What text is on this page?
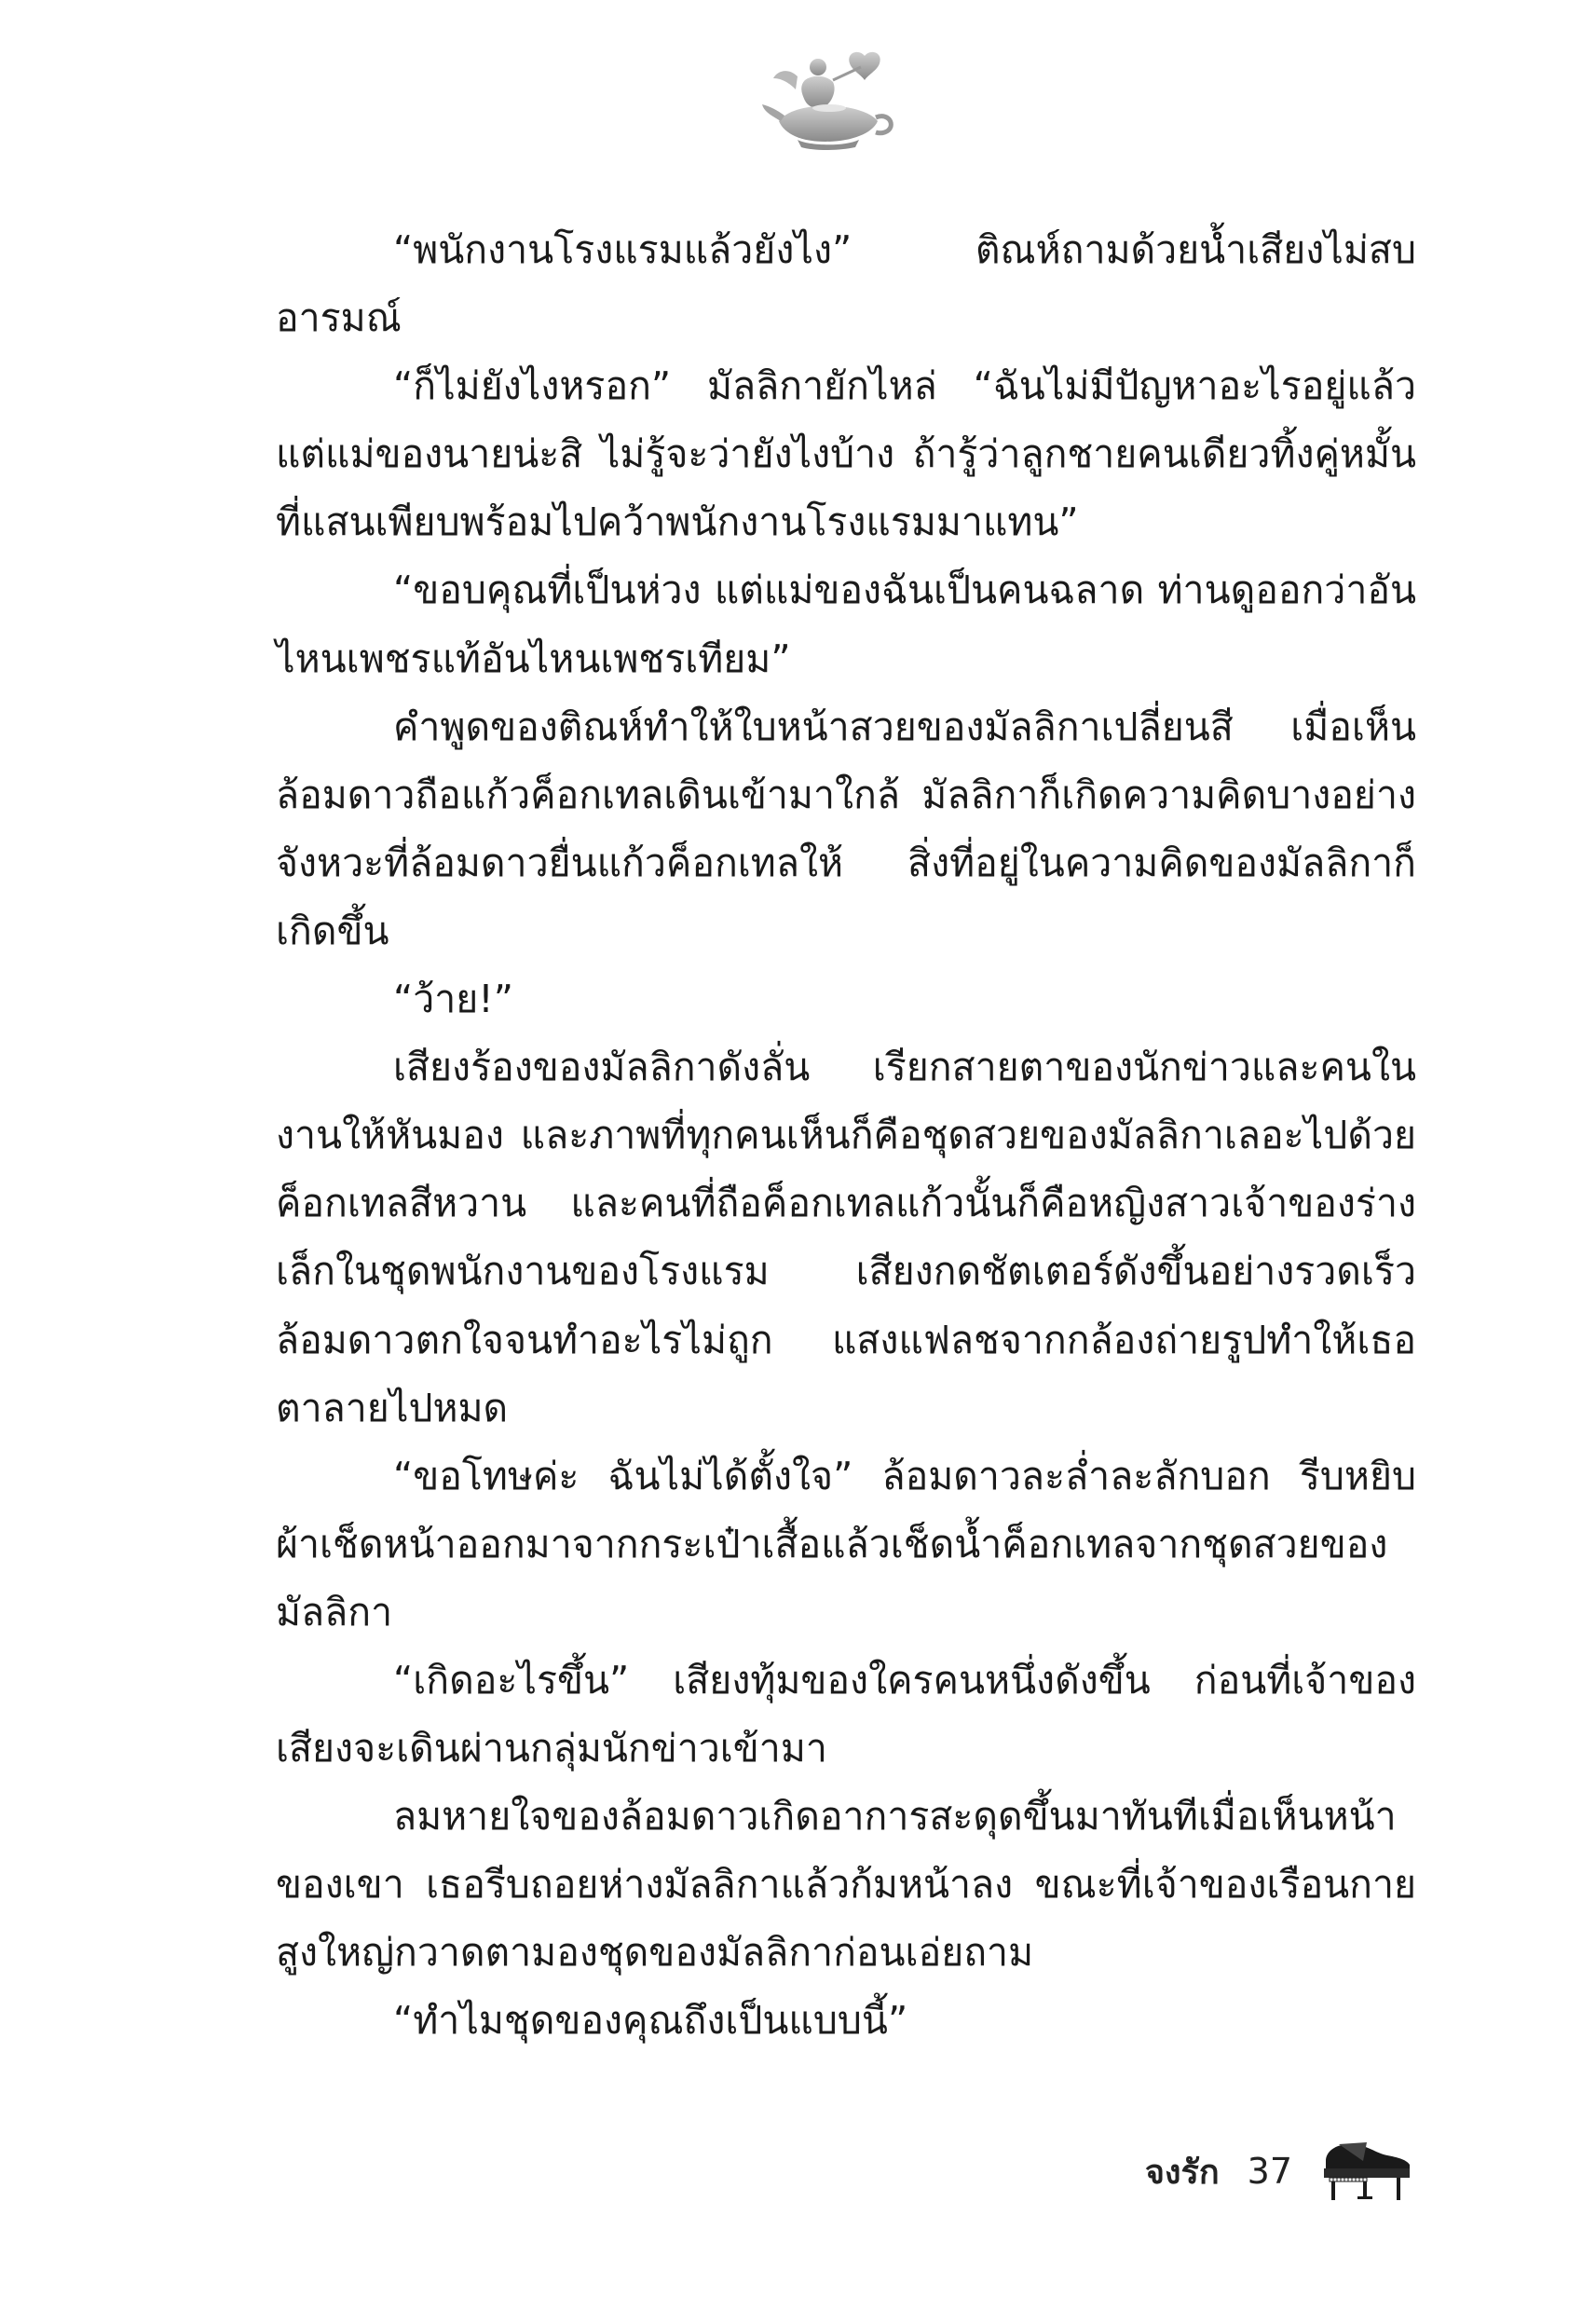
“พนักงานโรงแรมแล้วยังไง” ติณห์ถามด้วยน้ำเสียงไม่สบอารมณ์

“ก็ไม่ยังไงหรอก” มัลลิกายักไหล่ “ฉันไม่มีปัญหาอะไรอยู่แล้ว แต่แม่ของนายน่ะสิ ไม่รู้จะว่ายังไงบ้าง ถ้ารู้ว่าลูกชายคนเดียวทิ้งคู่หมั้นที่แสนเพียบพร้อมไปคว้าพนักงานโรงแรมมาแทน”

“ขอบคุณที่เป็นห่วง แต่แม่ของฉันเป็นคนฉลาด ท่านดูออกว่าอันไหนเพชรแท้อันไหนเพชรเทียม”

คำพูดของติณห์ทำให้ใบหน้าสวยของมัลลิกาเปลี่ยนสี เมื่อเห็นล้อมดาวถือแก้วค็อกเทลเดินเข้ามาใกล้ มัลลิกาก็เกิดความคิดบางอย่าง จังหวะที่ล้อมดาวยื่นแก้วค็อกเทลให้ สิ่งที่อยู่ในความคิดของมัลลิกาก็เกิดขึ้น

“ว้าย!”

เสียงร้องของมัลลิกาดังลั่น เรียกสายตาของนักข่าวและคนในงานให้หันมอง และภาพที่ทุกคนเห็นก็คือชุดสวยของมัลลิกาเลอะไปด้วยค็อกเทลสีหวาน และคนที่ถือค็อกเทลแก้วนั้นก็คือหญิงสาวเจ้าของร่างเล็กในชุดพนักงานของโรงแรม เสียงกดชัตเตอร์ดังขึ้นอย่างรวดเร็ว ล้อมดาวตกใจจนทำอะไรไม่ถูก แสงแฟลชจากกล้องถ่ายรูปทำให้เธอตาลายไปหมด

“ขอโทษค่ะ ฉันไม่ได้ตั้งใจ” ล้อมดาวละล่ำละลักบอก รีบหยิบผ้าเช็ดหน้าออกมาจากกระเป๋าเสื้อแล้วเช็ดน้ำค็อกเทลจากชุดสวยของมัลลิกา

“เกิดอะไรขึ้น” เสียงทุ้มของใครคนหนึ่งดังขึ้น ก่อนที่เจ้าของเสียงจะเดินผ่านกลุ่มนักข่าวเข้ามา

ลมหายใจของล้อมดาวเกิดอาการสะดุดขึ้นมาทันทีเมื่อเห็นหน้าของเขา เธอรีบถอยห่างมัลลิกาแล้วก้มหน้าลง ขณะที่เจ้าของเรือนกายสูงใหญ่กวาดตามองชุดของมัลลิกาก่อนเอ่ยถาม

“ทำไมชุดของคุณถึงเป็นแบบนี้”

จงรัก 37
